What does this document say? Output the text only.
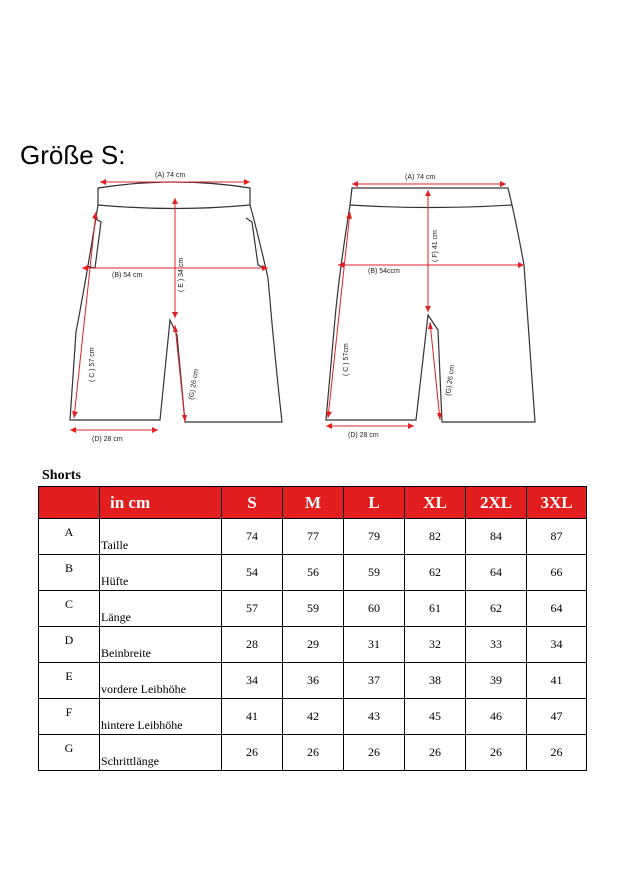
Größe S:
(A) 74 cm
(B) 54 cm	( E ) 34 cm
( C ) 57 cm
(G) 26 cm
(D) 28 cm
(A) 74 cm
(B) 54ccm
( F) 41 cm
( C ) 57cm
(G) 26 cm
(D) 28 cm
Shorts
	in cm	S	M	L	XL	2XL	3XL
A	Taille	74	77	79	82	84	87
B	Hüfte	54	56	59	62	64	66
C	Länge	57	59	60	61	62	64
D	Beinbreite	28	29	31	32	33	34
E	vordere Leibhöhe	34	36	37	38	39	41
F	hintere Leibhöhe	41	42	43	45	46	47
G	Schrittlänge	26	26	26	26	26	26
